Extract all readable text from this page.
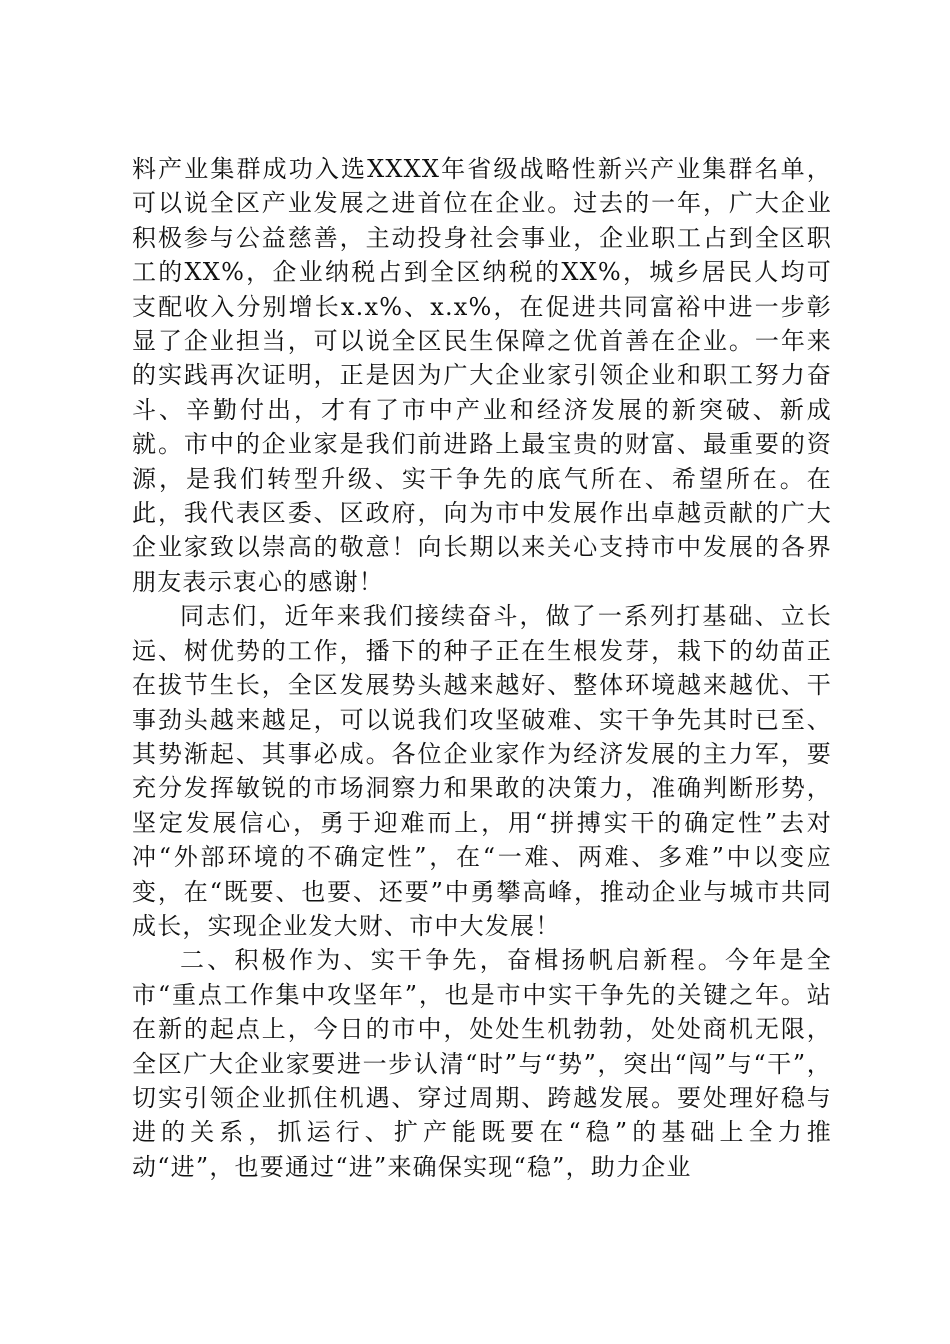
料产业集群成功入选XXXX年省级战略性新兴产业集群名单，可以说全区产业发展之进首位在企业。过去的一年，广大企业积极参与公益慈善，主动投身社会事业，企业职工占到全区职工的XX%，企业纳税占到全区纳税的XX%，城乡居民人均可支配收入分别增长x.x%、x.x%，在促进共同富裕中进一步彰显了企业担当，可以说全区民生保障之优首善在企业。一年来的实践再次证明，正是因为广大企业家引领企业和职工努力奋斗、辛勤付出，才有了市中产业和经济发展的新突破、新成就。市中的企业家是我们前进路上最宝贵的财富、最重要的资源，是我们转型升级、实干争先的底气所在、希望所在。在此，我代表区委、区政府，向为市中发展作出卓越贡献的广大企业家致以崇高的敬意！向长期以来关心支持市中发展的各界朋友表示衷心的感谢！

同志们，近年来我们接续奋斗，做了一系列打基础、立长远、树优势的工作，播下的种子正在生根发芽，栽下的幼苗正在拔节生长，全区发展势头越来越好、整体环境越来越优、干事劲头越来越足，可以说我们攻坚破难、实干争先其时已至、其势渐起、其事必成。各位企业家作为经济发展的主力军，要充分发挥敏锐的市场洞察力和果敢的决策力，准确判断形势，坚定发展信心，勇于迎难而上，用“拼搏实干的确定性”去对冲“外部环境的不确定性”，在“一难、两难、多难”中以变应变，在“既要、也要、还要”中勇攀高峰，推动企业与城市共同成长，实现企业发大财、市中大发展！

二、积极作为、实干争先，奋楫扬帆启新程。今年是全市“重点工作集中攻坚年”，也是市中实干争先的关键之年。站在新的起点上，今日的市中，处处生机勃勃，处处商机无限，全区广大企业家要进一步认清“时”与“势”，突出“闯”与“干”，切实引领企业抓住机遇、穿过周期、跨越发展。要处理好稳与进的关系，抓运行、扩产能既要在“稳”的基础上全力推动“进”，也要通过“进”来确保实现“稳”，助力企业
